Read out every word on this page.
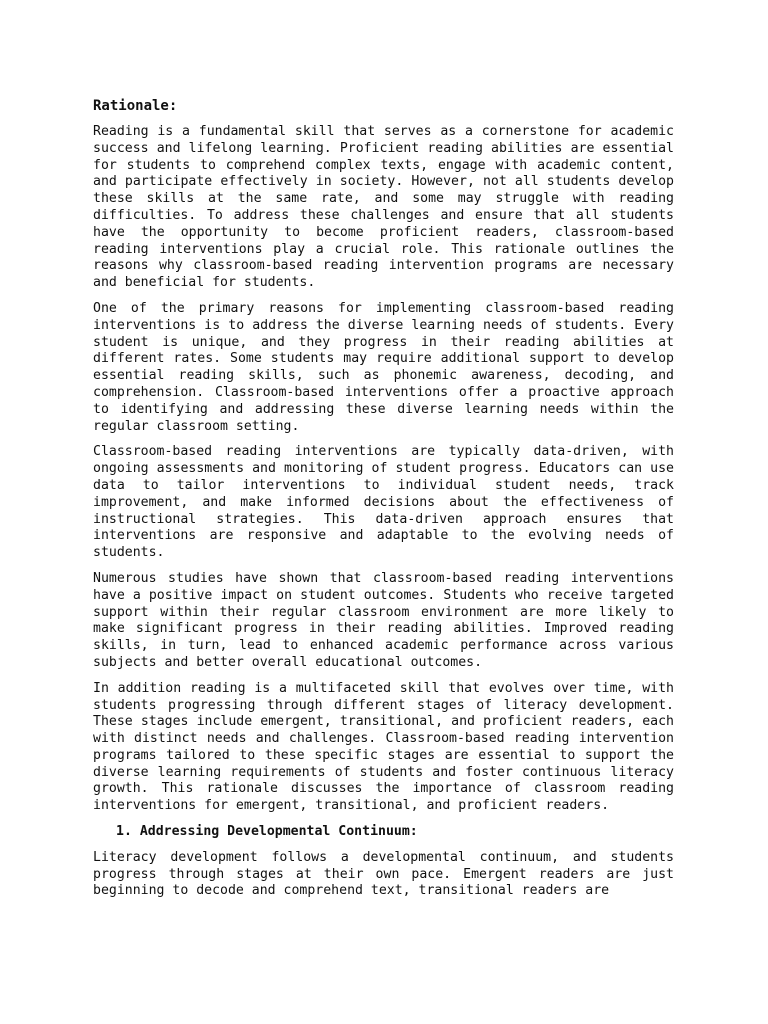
Rationale:

Reading is a fundamental skill that serves as a cornerstone for academic success and lifelong learning. Proficient reading abilities are essential for students to comprehend complex texts, engage with academic content, and participate effectively in society. However, not all students develop these skills at the same rate, and some may struggle with reading difficulties. To address these challenges and ensure that all students have the opportunity to become proficient readers, classroom-based reading interventions play a crucial role. This rationale outlines the reasons why classroom-based reading intervention programs are necessary and beneficial for students.

One of the primary reasons for implementing classroom-based reading interventions is to address the diverse learning needs of students. Every student is unique, and they progress in their reading abilities at different rates. Some students may require additional support to develop essential reading skills, such as phonemic awareness, decoding, and comprehension. Classroom-based interventions offer a proactive approach to identifying and addressing these diverse learning needs within the regular classroom setting.

Classroom-based reading interventions are typically data-driven, with ongoing assessments and monitoring of student progress. Educators can use data to tailor interventions to individual student needs, track improvement, and make informed decisions about the effectiveness of instructional strategies. This data-driven approach ensures that interventions are responsive and adaptable to the evolving needs of students.

Numerous studies have shown that classroom-based reading interventions have a positive impact on student outcomes. Students who receive targeted support within their regular classroom environment are more likely to make significant progress in their reading abilities. Improved reading skills, in turn, lead to enhanced academic performance across various subjects and better overall educational outcomes.

In addition reading is a multifaceted skill that evolves over time, with students progressing through different stages of literacy development. These stages include emergent, transitional, and proficient readers, each with distinct needs and challenges. Classroom-based reading intervention programs tailored to these specific stages are essential to support the diverse learning requirements of students and foster continuous literacy growth. This rationale discusses the importance of classroom reading interventions for emergent, transitional, and proficient readers.

1. Addressing Developmental Continuum:

Literacy development follows a developmental continuum, and students progress through stages at their own pace. Emergent readers are just beginning to decode and comprehend text, transitional readers are
